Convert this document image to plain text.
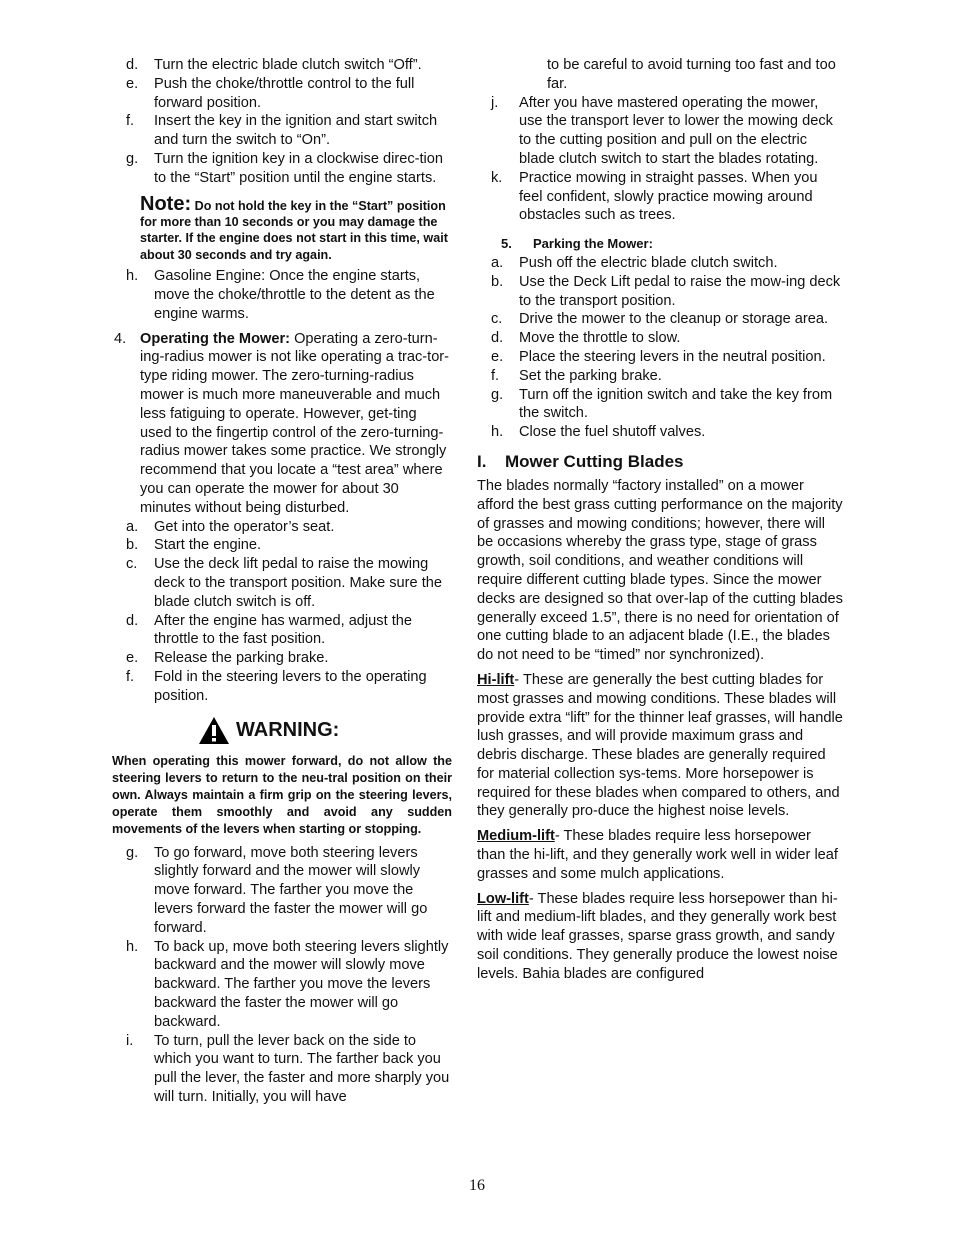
d. Turn the electric blade clutch switch “Off”.
e. Push the choke/throttle control to the full forward position.
f. Insert the key in the ignition and start switch and turn the switch to “On”.
g. Turn the ignition key in a clockwise direc-tion to the “Start” position until the engine starts.
Note: Do not hold the key in the “Start” position for more than 10 seconds or you may damage the starter. If the engine does not start in this time, wait about 30 seconds and try again.
h. Gasoline Engine: Once the engine starts, move the choke/throttle to the detent as the engine warms.
4. Operating the Mower: Operating a zero-turn-ing-radius mower is not like operating a trac-tor-type riding mower. The zero-turning-radius mower is much more maneuverable and much less fatiguing to operate. However, get-ting used to the fingertip control of the zero-turning-radius mower takes some practice. We strongly recommend that you locate a “test area” where you can operate the mower for about 30 minutes without being disturbed.
a. Get into the operator’s seat.
b. Start the engine.
c. Use the deck lift pedal to raise the mowing deck to the transport position. Make sure the blade clutch switch is off.
d. After the engine has warmed, adjust the throttle to the fast position.
e. Release the parking brake.
f. Fold in the steering levers to the operating position.
WARNING:
When operating this mower forward, do not allow the steering levers to return to the neu-tral position on their own. Always maintain a firm grip on the steering levers, operate them smoothly and avoid any sudden movements of the levers when starting or stopping.
g. To go forward, move both steering levers slightly forward and the mower will slowly move forward. The farther you move the levers forward the faster the mower will go forward.
h. To back up, move both steering levers slightly backward and the mower will slowly move backward. The farther you move the levers backward the faster the mower will go backward.
i. To turn, pull the lever back on the side to which you want to turn. The farther back you pull the lever, the faster and more sharply you will turn. Initially, you will have
to be careful to avoid turning too fast and too far.
j. After you have mastered operating the mower, use the transport lever to lower the mowing deck to the cutting position and pull on the electric blade clutch switch to start the blades rotating.
k. Practice mowing in straight passes. When you feel confident, slowly practice mowing around obstacles such as trees.
5. Parking the Mower:
a. Push off the electric blade clutch switch.
b. Use the Deck Lift pedal to raise the mow-ing deck to the transport position.
c. Drive the mower to the cleanup or storage area.
d. Move the throttle to slow.
e. Place the steering levers in the neutral position.
f. Set the parking brake.
g. Turn off the ignition switch and take the key from the switch.
h. Close the fuel shutoff valves.
I. Mower Cutting Blades
The blades normally “factory installed” on a mower afford the best grass cutting performance on the majority of grasses and mowing conditions; however, there will be occasions whereby the grass type, stage of grass growth, soil conditions, and weather conditions will require different cutting blade types. Since the mower decks are designed so that over-lap of the cutting blades generally exceed 1.5”, there is no need for orientation of one cutting blade to an adjacent blade (I.E., the blades do not need to be “timed” nor synchronized).
Hi-lift- These are generally the best cutting blades for most grasses and mowing conditions. These blades will provide extra “lift” for the thinner leaf grasses, will handle lush grasses, and will provide maximum grass and debris discharge. These blades are generally required for material collection sys-tems. More horsepower is required for these blades when compared to others, and they generally pro-duce the highest noise levels.
Medium-lift- These blades require less horsepower than the hi-lift, and they generally work well in wider leaf grasses and some mulch applications.
Low-lift- These blades require less horsepower than hi-lift and medium-lift blades, and they generally work best with wide leaf grasses, sparse grass growth, and sandy soil conditions. They generally produce the lowest noise levels. Bahia blades are configured
16
